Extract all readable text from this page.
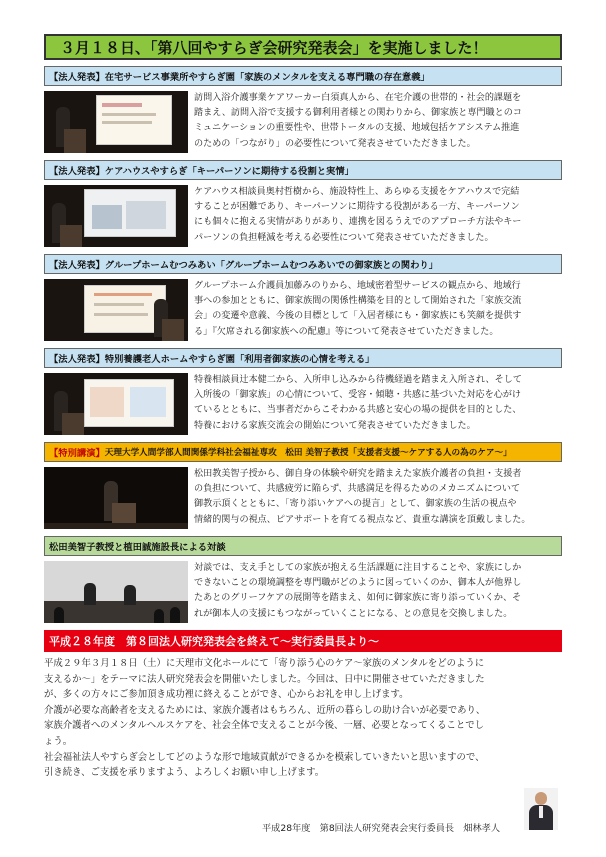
３月１８日、「第八回やすらぎ会研究発表会」を実施しました！
【法人発表】 在宅サービス事業所やすらぎ園「家族のメンタルを支える専門職の存在意義」
訪問入浴介護事業ケアワーカー白須真人から、在宅介護の世帯的・社会的課題を
踏まえ、訪問入浴で支援する御利用者様との関わりから、御家族と専門職とのコ
ミュニケーションの重要性や、世帯トータルの支援、地域包括ケアシステム推進
のための「つながり」の必要性について発表させていただきました。
【法人発表】 ケアハウスやすらぎ「キーパーソンに期待する役割と実情」
ケアハウス相談員奥村哲樹から、施設特性上、あらゆる支援をケアハウスで完結
することが困難であり、キーパーソンに期待する役割がある一方、キーパーソン
にも個々に抱える実情がありがあり、連携を図るうえでのアプローチ方法やキー
パーソンの負担軽減を考える必要性について発表させていただきました。
【法人発表】 グループホームむつみあい「グループホームむつみあいでの御家族との関わり」
グループホーム介護員加藤みのりから、地域密着型サービスの観点から、地域行
事への参加とともに、御家族間の関係性構築を目的として開始された「家族交流
会」の変遷や意義、今後の目標として「入居者様にも・御家族にも笑顔を提供す
る」『欠席される御家族への配慮』等について発表させていただきました。
【法人発表】 特別養護老人ホームやすらぎ園「利用者御家族の心情を考える」
特養相談員辻本健二から、入所申し込みから待機経過を踏まえ入所され、そして
入所後の「御家族」の心情について、受容・傾聴・共感に基づいた対応を心がけ
ているとともに、当事者だからこそわかる共感と安心の場の提供を目的とした、
特養における家族交流会の開始について発表させていただきました。
【特別講演】 天理大学人間学部人間関係学科社会福祉専攻　松田 美智子教授「支援者支援～ケアする人の為のケア～」
松田教美智子授から、御自身の体験や研究を踏まえた家族介護者の負担・支援者
の負担について、共感疲労に陥らず、共感満足を得るためのメカニズムについて
御教示頂くとともに、「寄り添いケアへの提言」として、御家族の生活の視点や
情緒的関与の視点、ピアサポートを育てる視点など、貴重な講演を頂戴しました。
松田美智子教授と植田誠施設長による対談
対談では、支え手としての家族が抱える生活課題に注目することや、家族にしか
できないことの環境調整を専門職がどのように図っていくのか、御本人が他界し
たあとのグリーフケアの展開等を踏まえ、如何に御家族に寄り添っていくか、そ
れが御本人の支援にもつながっていくことになる、との意見を交換しました。
平成２８年度　第８回法人研究発表会を終えて～実行委員長より～
平成２９年３月１８日（土）に天理市文化ホールにて「寄り添う心のケア～家族のメンタルをどのように
支えるか～」をテーマに法人研究発表会を開催いたしました。今回は、日中に開催させていただきました
が、多くの方々にご参加頂き成功裡に終えることができ、心からお礼を申し上げます。
介護が必要な高齢者を支えるためには、家族介護者はもちろん、近所の暮らしの助け合いが必要であり、
家族介護者へのメンタルヘルスケアを、社会全体で支えることが今後、一層、必要となってくることでし
ょう。
社会福祉法人やすらぎ会としてどのような形で地域貢献ができるかを模索していきたいと思いますので、
引き続き、ご支援を承りますよう、よろしくお願い申し上げます。
平成28年度　第8回法人研究発表会実行委員長　畑林孝人
